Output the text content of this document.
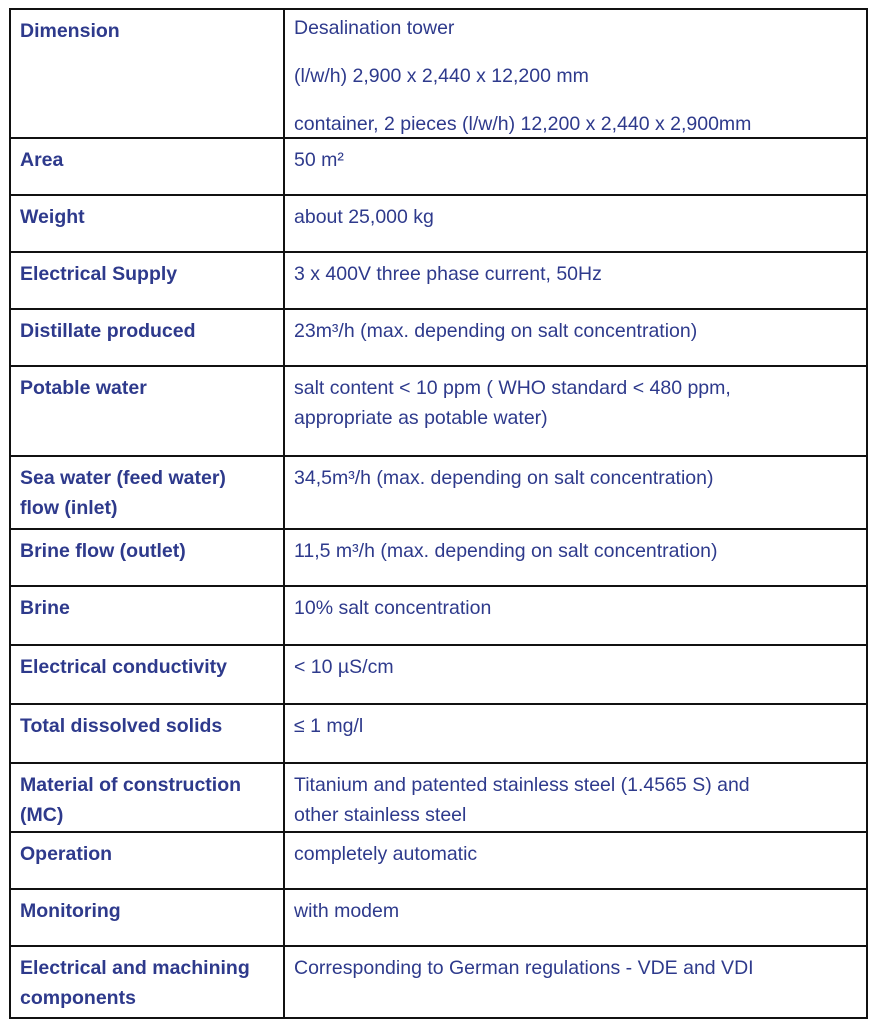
Dimension	Desalination tower
(l/w/h) 2,900 x 2,440 x 12,200 mm
container, 2 pieces (l/w/h) 12,200 x 2,440 x 2,900mm

Area	50 m²

Weight	about 25,000 kg

Electrical Supply	3 x 400V three phase current, 50Hz

Distillate produced	23m³/h (max. depending on salt concentration)

Potable water	salt content < 10 ppm ( WHO standard < 480 ppm,
appropriate as potable water)

Sea water (feed water)
flow (inlet)	34,5m³/h (max. depending on salt concentration)

Brine flow (outlet)	11,5 m³/h (max. depending on salt concentration)

Brine	10% salt concentration

Electrical conductivity	< 10 µS/cm

Total dissolved solids	≤ 1 mg/l

Material of construction
(MC)	Titanium and patented stainless steel (1.4565 S) and
other stainless steel

Operation	completely automatic

Monitoring	with modem

Electrical and machining
components	Corresponding to German regulations - VDE and VDI
